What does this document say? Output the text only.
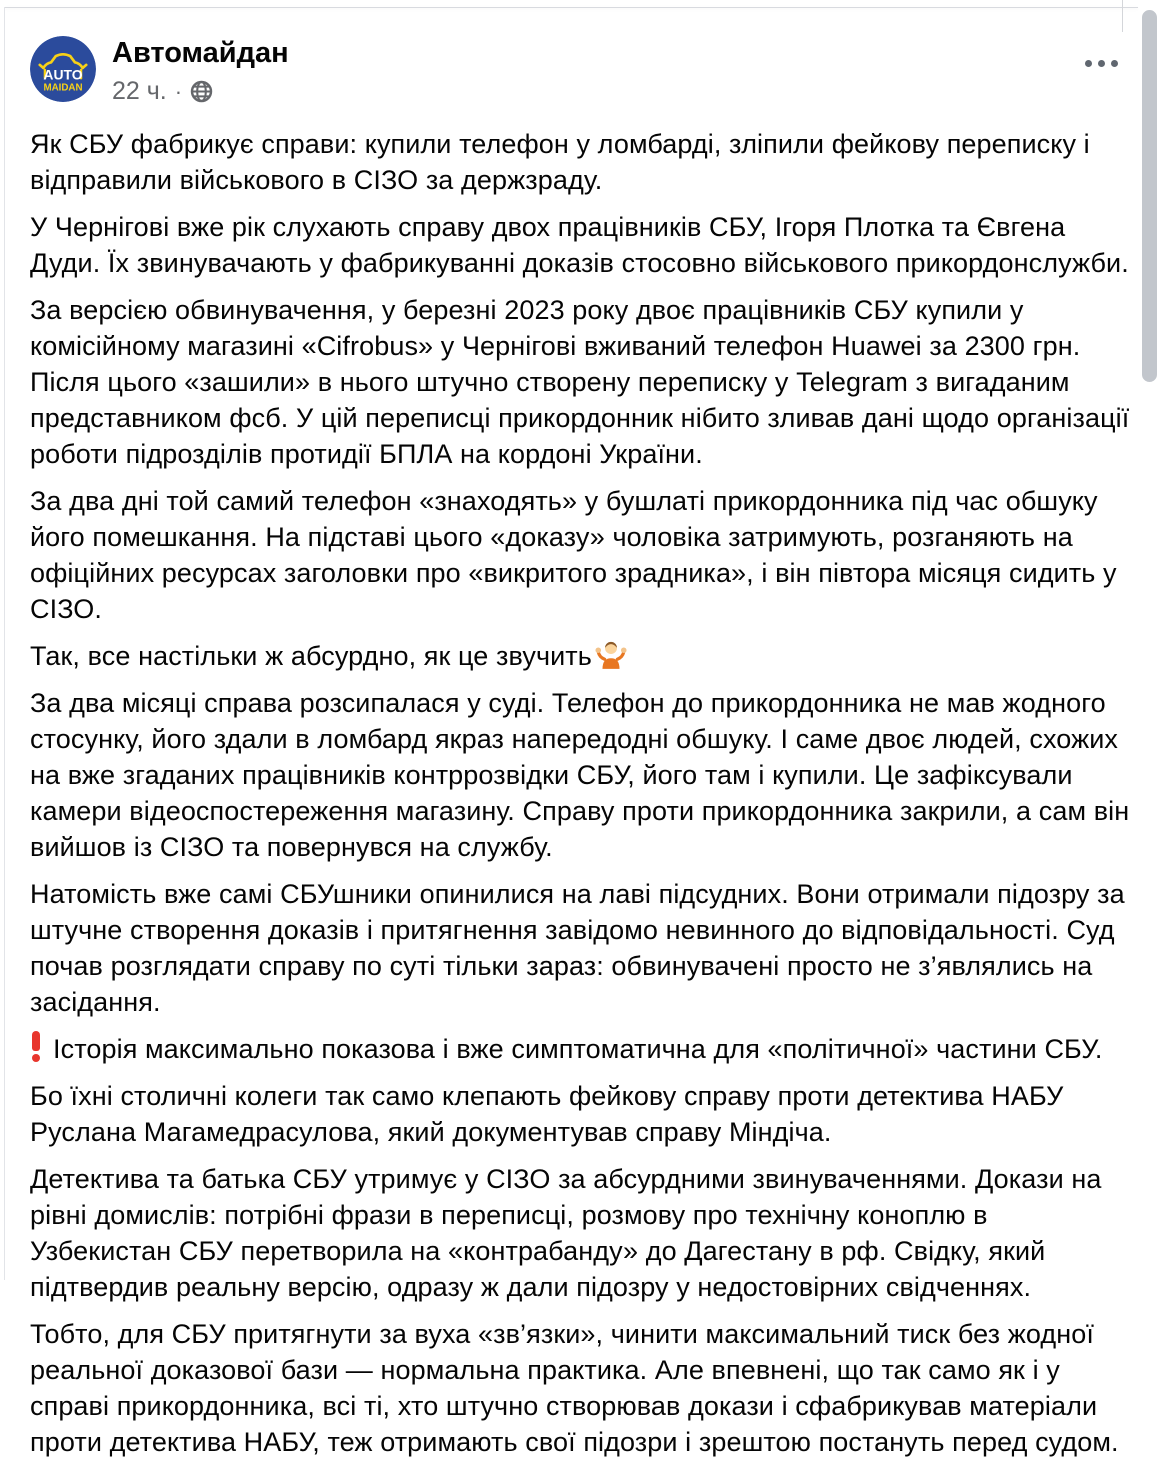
AUTO
MAIDAN
Автомайдан
22 ч. ·

Як СБУ фабрикує справи: купили телефон у ломбарді, зліпили фейкову переписку і відправили військового в СІЗО за держзраду.

У Чернігові вже рік слухають справу двох працівників СБУ, Ігоря Плотка та Євгена Дуди. Їх звинувачають у фабрикуванні доказів стосовно військового прикордонслужби.

За версією обвинувачення, у березні 2023 року двоє працівників СБУ купили у комісійному магазині «Cifrobus» у Чернігові вживаний телефон Huawei за 2300 грн. Після цього «зашили» в нього штучно створену переписку у Telegram з вигаданим представником фсб. У цій переписці прикордонник нібито зливав дані щодо організації роботи підрозділів протидії БПЛА на кордоні України.

За два дні той самий телефон «знаходять» у бушлаті прикордонника під час обшуку його помешкання. На підставі цього «доказу» чоловіка затримують, розганяють на офіційних ресурсах заголовки про «викритого зрадника», і він півтора місяця сидить у СІЗО.

Так, все настільки ж абсурдно, як це звучить

За два місяці справа розсипалася у суді. Телефон до прикордонника не мав жодного стосунку, його здали в ломбард якраз напередодні обшуку. І саме двоє людей, схожих на вже згаданих працівників контррозвідки СБУ, його там і купили. Це зафіксували камери відеоспостереження магазину. Справу проти прикордонника закрили, а сам він вийшов із СІЗО та повернувся на службу.

Натомість вже самі СБУшники опинилися на лаві підсудних. Вони отримали підозру за штучне створення доказів і притягнення завідомо невинного до відповідальності. Суд почав розглядати справу по суті тільки зараз: обвинувачені просто не з’являлись на засідання.

Історія максимально показова і вже симптоматична для «політичної» частини СБУ.

Бо їхні столичні колеги так само клепають фейкову справу проти детектива НАБУ Руслана Магамедрасулова, який документував справу Міндіча.

Детектива та батька СБУ утримує у СІЗО за абсурдними звинуваченнями. Докази на рівні домислів: потрібні фрази в переписці, розмову про технічну коноплю в Узбекистан СБУ перетворила на «контрабанду» до Дагестану в рф. Свідку, який підтвердив реальну версію, одразу ж дали підозру у недостовірних свідченнях.

Тобто, для СБУ притягнути за вуха «зв’язки», чинити максимальний тиск без жодної реальної доказової бази — нормальна практика. Але впевнені, що так само як і у справі прикордонника, всі ті, хто штучно створював докази і сфабрикував матеріали проти детектива НАБУ, теж отримають свої підозри і зрештою постануть перед судом.
